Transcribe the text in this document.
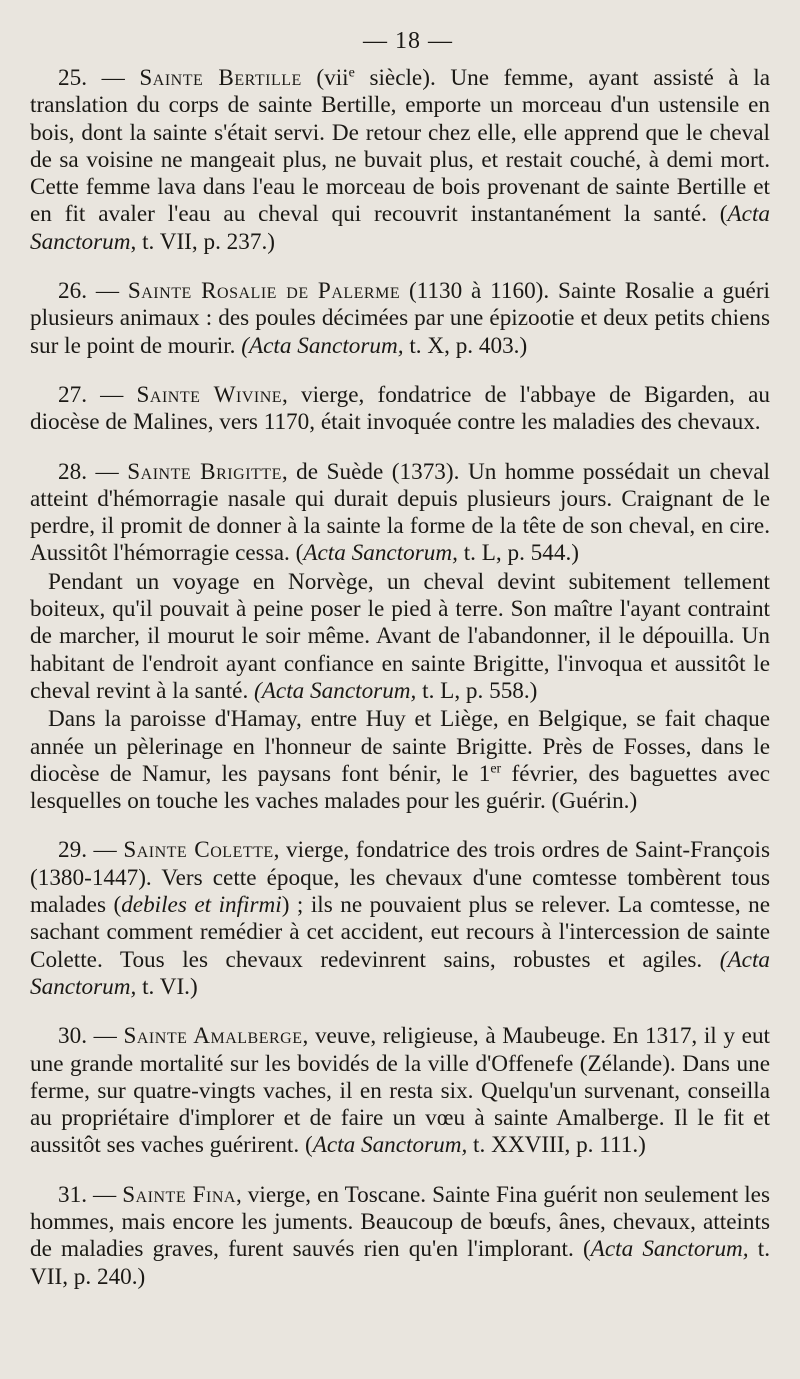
— 18 —

25. — Sainte Bertille (vii$^e$ siècle). Une femme, ayant assisté à la translation du corps de sainte Bertille, emporte un morceau d'un ustensile en bois, dont la sainte s'était servi. De retour chez elle, elle apprend que le cheval de sa voisine ne mangeait plus, ne buvait plus, et restait couché, à demi mort. Cette femme lava dans l'eau le morceau de bois provenant de sainte Bertille et en fit avaler l'eau au cheval qui recouvrit instantanément la santé. (Acta Sanctorum, t. VII, p. 237.)

26. — Sainte Rosalie de Palerme (1130 à 1160). Sainte Rosalie a guéri plusieurs animaux : des poules décimées par une épizootie et deux petits chiens sur le point de mourir. (Acta Sanctorum, t. X, p. 403.)

27. — Sainte Wivine, vierge, fondatrice de l'abbaye de Bigarden, au diocèse de Malines, vers 1170, était invoquée contre les maladies des chevaux.

28. — Sainte Brigitte, de Suède (1373). Un homme possédait un cheval atteint d'hémorragie nasale qui durait depuis plusieurs jours. Craignant de le perdre, il promit de donner à la sainte la forme de la tête de son cheval, en cire. Aussitôt l'hémorragie cessa. (Acta Sanctorum, t. L, p. 544.)

Pendant un voyage en Norvège, un cheval devint subitement tellement boiteux, qu'il pouvait à peine poser le pied à terre. Son maître l'ayant contraint de marcher, il mourut le soir même. Avant de l'abandonner, il le dépouilla. Un habitant de l'endroit ayant confiance en sainte Brigitte, l'invoqua et aussitôt le cheval revint à la santé. (Acta Sanctorum, t. L, p. 558.)

Dans la paroisse d'Hamay, entre Huy et Liège, en Belgique, se fait chaque année un pèlerinage en l'honneur de sainte Brigitte. Près de Fosses, dans le diocèse de Namur, les paysans font bénir, le 1er février, des baguettes avec lesquelles on touche les vaches malades pour les guérir. (Guérin.)

29. — Sainte Colette, vierge, fondatrice des trois ordres de Saint-François (1380-1447). Vers cette époque, les chevaux d'une comtesse tombèrent tous malades (debiles et infirmi) ; ils ne pouvaient plus se relever. La comtesse, ne sachant comment remédier à cet accident, eut recours à l'intercession de sainte Colette. Tous les chevaux redevinrent sains, robustes et agiles. (Acta Sanctorum, t. VI.)

30. — Sainte Amalberge, veuve, religieuse, à Maubeuge. En 1317, il y eut une grande mortalité sur les bovidés de la ville d'Offenefe (Zélande). Dans une ferme, sur quatre-vingts vaches, il en resta six. Quelqu'un survenant, conseilla au propriétaire d'implorer et de faire un vœu à sainte Amalberge. Il le fit et aussitôt ses vaches guérirent. (Acta Sanctorum, t. XXVIII, p. 111.)

31. — Sainte Fina, vierge, en Toscane. Sainte Fina guérit non seulement les hommes, mais encore les juments. Beaucoup de bœufs, ânes, chevaux, atteints de maladies graves, furent sauvés rien qu'en l'implorant. (Acta Sanctorum, t. VII, p. 240.)
